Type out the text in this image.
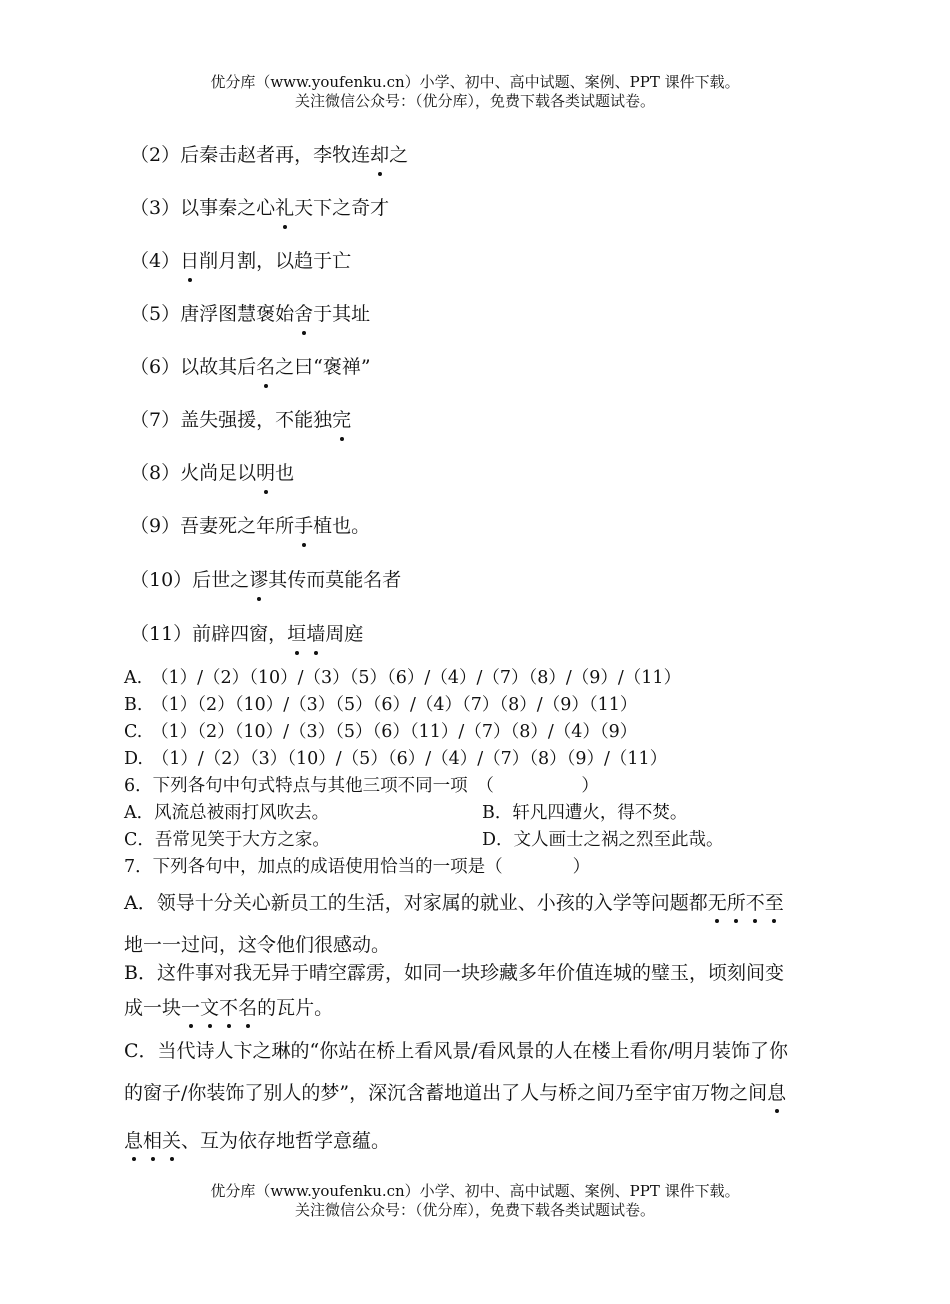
优分库（www.youfenku.cn）小学、初中、高中试题、案例、PPT 课件下载。
关注微信公众号：（优分库），免费下载各类试题试卷。
（2）后秦击赵者再，李牧连却之
（3）以事秦之心礼天下之奇才
（4）日削月割，以趋于亡
（5）唐浮图慧褒始舍于其址
（6）以故其后名之曰“褒禅”
（7）盖失强援，不能独完
（8）火尚足以明也
（9）吾妻死之年所手植也。
（10）后世之谬其传而莫能名者
（11）前辟四窗，垣墙周庭
A.　（1）/（2）（10）/（3）（5）（6）/（4）/（7）（8）/（9）/（11）
B.　（1）（2）（10）/（3）（5）（6）/（4）（7）（8）/（9）（11）
C.　（1）（2）（10）/（3）（5）（6）（11）/（7）（8）/（4）（9）
D.　（1）/（2）（3）（10）/（5）（6）/（4）/（7）（8）（9）/（11）
6．下列各句中句式特点与其他三项不同一项　（　　　　　）
A．风流总被雨打风吹去。	B．轩凡四遭火，得不焚。
C．吾常见笑于大方之家。	D．文人画士之祸之烈至此哉。
7．下列各句中，加点的成语使用恰当的一项是（　　　　）
A．领导十分关心新员工的生活，对家属的就业、小孩的入学等问题都无所不至
地一一过问，这令他们很感动。
B．这件事对我无异于晴空霹雳，如同一块珍藏多年价值连城的璧玉，顷刻间变
成一块一文不名的瓦片。
C．当代诗人卞之琳的“你站在桥上看风景/看风景的人在楼上看你/明月装饰了你
的窗子/你装饰了别人的梦”，深沉含蓄地道出了人与桥之间乃至宇宙万物之间息
息相关、互为依存地哲学意蕴。
优分库（www.youfenku.cn）小学、初中、高中试题、案例、PPT 课件下载。
关注微信公众号：（优分库），免费下载各类试题试卷。
